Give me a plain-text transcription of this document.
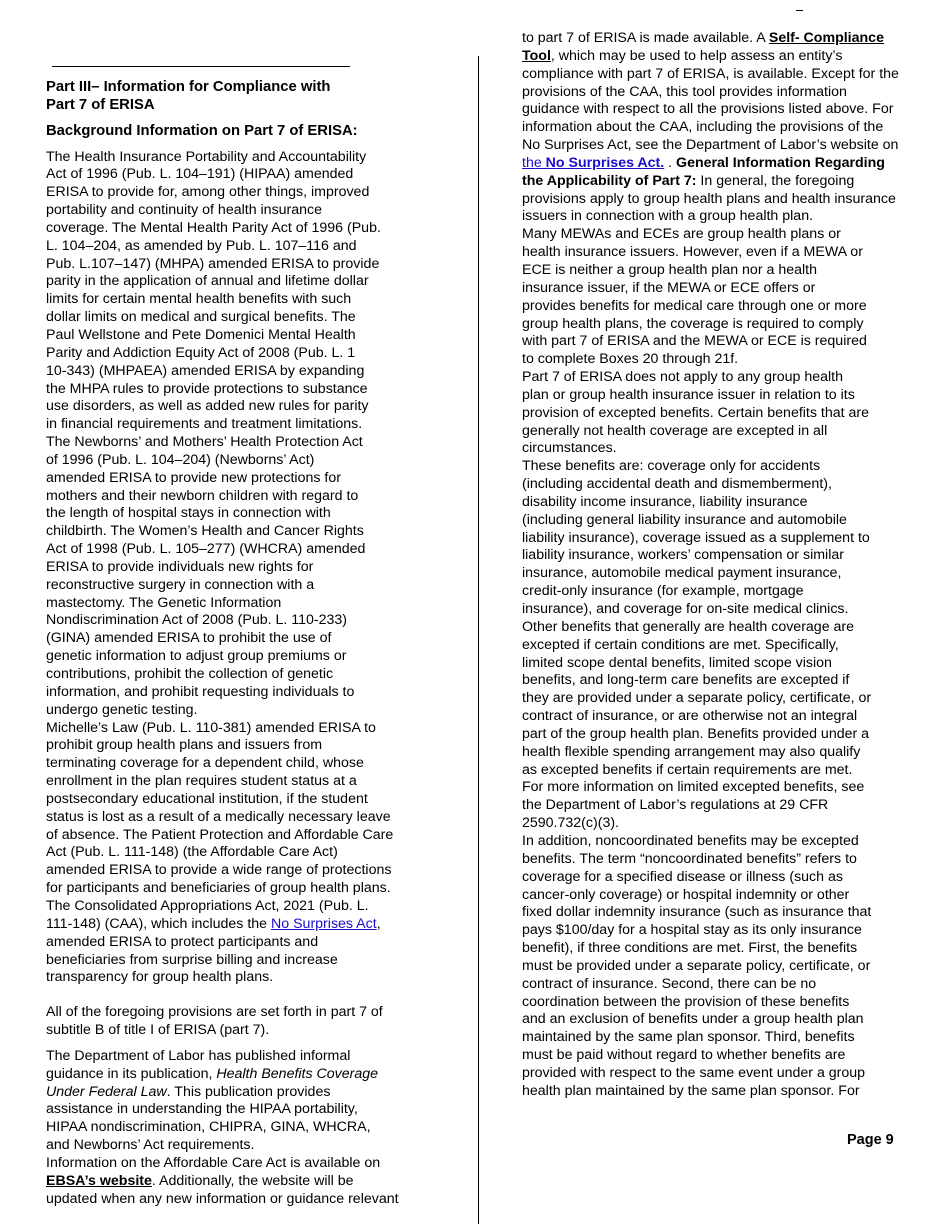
Part III– Information for Compliance with
Part 7 of ERISA
Background Information on Part 7 of ERISA:
The Health Insurance Portability and Accountability
Act of 1996 (Pub. L. 104–191) (HIPAA) amended
ERISA to provide for, among other things, improved
portability and continuity of health insurance
coverage. The Mental Health Parity Act of 1996 (Pub.
L. 104–204, as amended by Pub. L. 107–116 and
Pub. L.107–147) (MHPA) amended ERISA to provide
parity in the application of annual and lifetime dollar
limits for certain mental health benefits with such
dollar limits on medical and surgical benefits. The
Paul Wellstone and Pete Domenici Mental Health
Parity and Addiction Equity Act of 2008 (Pub. L. 1
10-343) (MHPAEA) amended ERISA by expanding
the MHPA rules to provide protections to substance
use disorders, as well as added new rules for parity
in financial requirements and treatment limitations.
The Newborns’ and Mothers’ Health Protection Act
of 1996 (Pub. L. 104–204) (Newborns’ Act)
amended ERISA to provide new protections for
mothers and their newborn children with regard to
the length of hospital stays in connection with
childbirth. The Women’s Health and Cancer Rights
Act of 1998 (Pub. L. 105–277) (WHCRA) amended
ERISA to provide individuals new rights for
reconstructive surgery in connection with a
mastectomy. The Genetic Information
Nondiscrimination Act of 2008 (Pub. L. 110-233)
(GINA) amended ERISA to prohibit the use of
genetic information to adjust group premiums or
contributions, prohibit the collection of genetic
information, and prohibit requesting individuals to
undergo genetic testing.
Michelle’s Law (Pub. L. 110-381) amended ERISA to
prohibit group health plans and issuers from
terminating coverage for a dependent child, whose
enrollment in the plan requires student status at a
postsecondary educational institution, if the student
status is lost as a result of a medically necessary leave
of absence. The Patient Protection and Affordable Care
Act (Pub. L. 111-148) (the Affordable Care Act)
amended ERISA to provide a wide range of protections
for participants and beneficiaries of group health plans.
The Consolidated Appropriations Act, 2021 (Pub. L.
111-148) (CAA), which includes the No Surprises Act,
amended ERISA to protect participants and
beneficiaries from surprise billing and increase
transparency for group health plans.
All of the foregoing provisions are set forth in part 7 of
subtitle B of title I of ERISA (part 7).
The Department of Labor has published informal
guidance in its publication, Health Benefits Coverage
Under Federal Law. This publication provides
assistance in understanding the HIPAA portability,
HIPAA nondiscrimination, CHIPRA, GINA, WHCRA,
and Newborns’ Act requirements.
Information on the Affordable Care Act is available on
EBSA’s website. Additionally, the website will be
updated when any new information or guidance relevant
to part 7 of ERISA is made available. A Self- Compliance
Tool, which may be used to help assess an entity’s
compliance with part 7 of ERISA, is available. Except for the
provisions of the CAA, this tool provides information
guidance with respect to all the provisions listed above. For
information about the CAA, including the provisions of the
No Surprises Act, see the Department of Labor’s website on
the No Surprises Act. . General Information Regarding
the Applicability of Part 7: In general, the foregoing
provisions apply to group health plans and health insurance
issuers in connection with a group health plan.
Many MEWAs and ECEs are group health plans or
health insurance issuers. However, even if a MEWA or
ECE is neither a group health plan nor a health
insurance issuer, if the MEWA or ECE offers or
provides benefits for medical care through one or more
group health plans, the coverage is required to comply
with part 7 of ERISA and the MEWA or ECE is required
to complete Boxes 20 through 21f.
Part 7 of ERISA does not apply to any group health
plan or group health insurance issuer in relation to its
provision of excepted benefits. Certain benefits that are
generally not health coverage are excepted in all
circumstances.
These benefits are: coverage only for accidents
(including accidental death and dismemberment),
disability income insurance, liability insurance
(including general liability insurance and automobile
liability insurance), coverage issued as a supplement to
liability insurance, workers’ compensation or similar
insurance, automobile medical payment insurance,
credit-only insurance (for example, mortgage
insurance), and coverage for on-site medical clinics.
Other benefits that generally are health coverage are
excepted if certain conditions are met. Specifically,
limited scope dental benefits, limited scope vision
benefits, and long-term care benefits are excepted if
they are provided under a separate policy, certificate, or
contract of insurance, or are otherwise not an integral
part of the group health plan. Benefits provided under a
health flexible spending arrangement may also qualify
as excepted benefits if certain requirements are met.
For more information on limited excepted benefits, see
the Department of Labor’s regulations at 29 CFR
2590.732(c)(3).
In addition, noncoordinated benefits may be excepted
benefits. The term “noncoordinated benefits” refers to
coverage for a specified disease or illness (such as
cancer-only coverage) or hospital indemnity or other
fixed dollar indemnity insurance (such as insurance that
pays $100/day for a hospital stay as its only insurance
benefit), if three conditions are met. First, the benefits
must be provided under a separate policy, certificate, or
contract of insurance. Second, there can be no
coordination between the provision of these benefits
and an exclusion of benefits under a group health plan
maintained by the same plan sponsor. Third, benefits
must be paid without regard to whether benefits are
provided with respect to the same event under a group
health plan maintained by the same plan sponsor. For
Page 9
